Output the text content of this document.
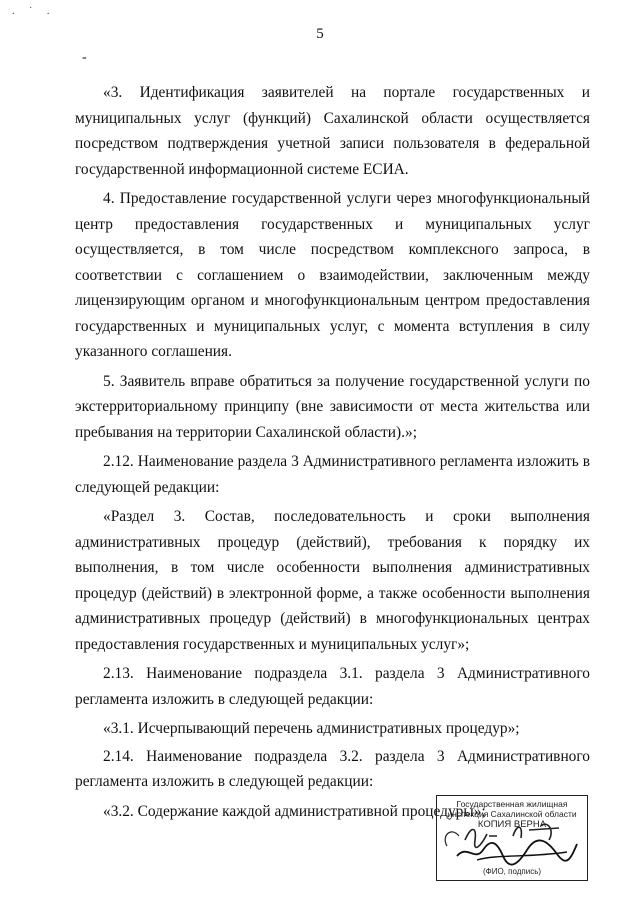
. ˙ .
5
-

«3. Идентификация заявителей на портале государственных и муниципальных услуг (функций) Сахалинской области осуществляется посредством подтверждения учетной записи пользователя в федеральной государственной информационной системе ЕСИА.

4. Предоставление государственной услуги через многофункциональный центр предоставления государственных и муниципальных услуг осуществляется, в том числе посредством комплексного запроса, в соответствии с соглашением о взаимодействии, заключенным между лицензирующим органом и многофункциональным центром предоставления государственных и муниципальных услуг, с момента вступления в силу указанного соглашения.

5. Заявитель вправе обратиться за получение государственной услуги по экстерриториальному принципу (вне зависимости от места жительства или пребывания на территории Сахалинской области).»;

2.12. Наименование раздела 3 Административного регламента изложить в следующей редакции:

«Раздел 3. Состав, последовательность и сроки выполнения административных процедур (действий), требования к порядку их выполнения, в том числе особенности выполнения административных процедур (действий) в электронной форме, а также особенности выполнения административных процедур (действий) в многофункциональных центрах предоставления государственных и муниципальных услуг»;

2.13. Наименование подраздела 3.1. раздела 3 Административного регламента изложить в следующей редакции:

«3.1. Исчерпывающий перечень административных процедур»;

2.14. Наименование подраздела 3.2. раздела 3 Административного регламента изложить в следующей редакции:

«3.2. Содержание каждой административной процедуры»;

Государственная жилищная
инспекция Сахалинской области
КОПИЯ ВЕРНА
(ФИО, подпись)
